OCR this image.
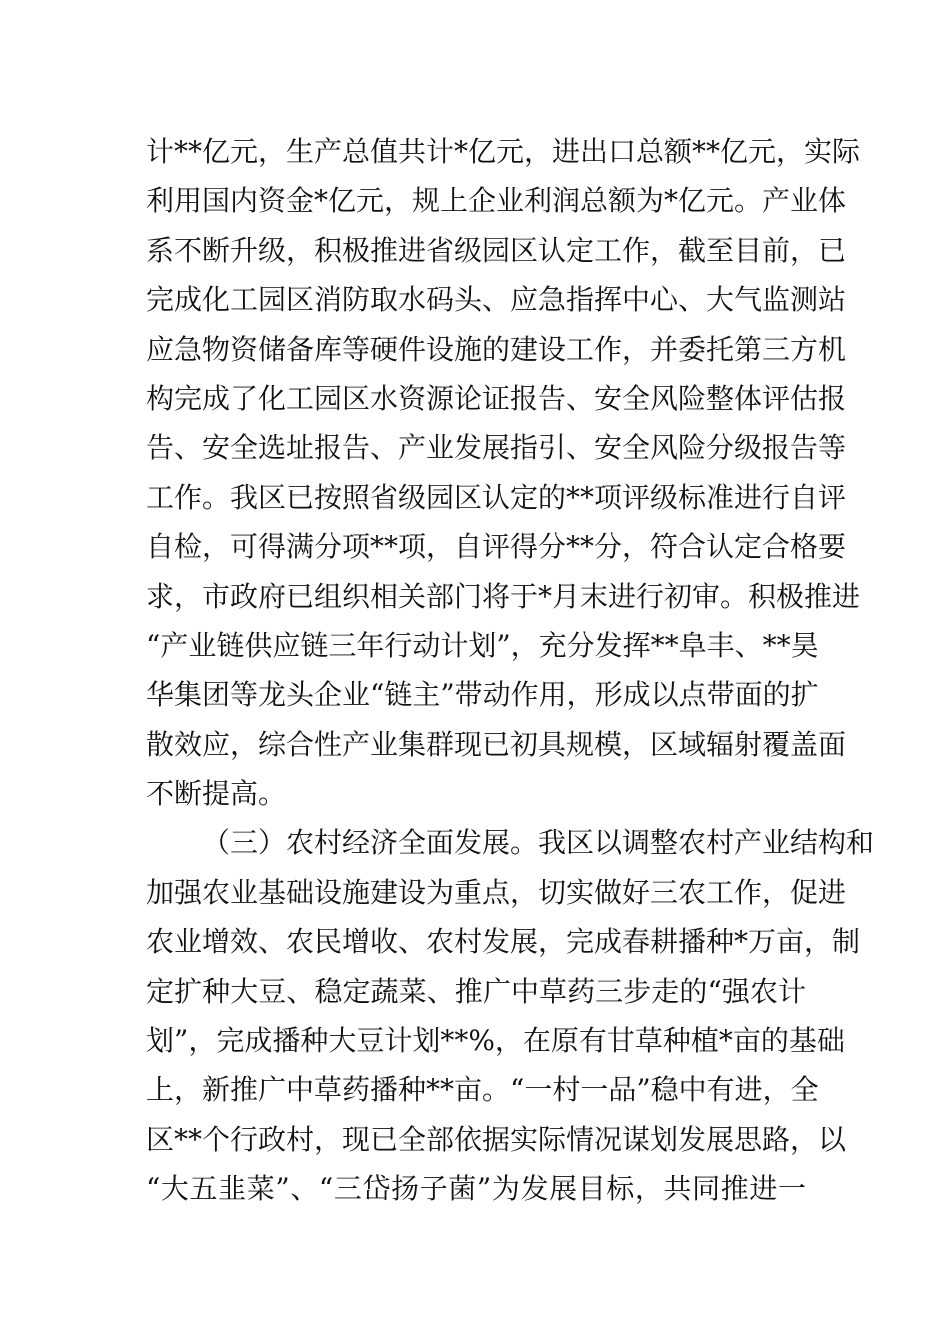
计**亿元，生产总值共计*亿元，进出口总额**亿元，实际
利用国内资金*亿元，规上企业利润总额为*亿元。产业体
系不断升级，积极推进省级园区认定工作，截至目前，已
完成化工园区消防取水码头、应急指挥中心、大气监测站
应急物资储备库等硬件设施的建设工作，并委托第三方机
构完成了化工园区水资源论证报告、安全风险整体评估报
告、安全选址报告、产业发展指引、安全风险分级报告等
工作。我区已按照省级园区认定的**项评级标准进行自评
自检，可得满分项**项，自评得分**分，符合认定合格要
求，市政府已组织相关部门将于*月末进行初审。积极推进
“产业链供应链三年行动计划”，充分发挥**阜丰、**昊
华集团等龙头企业“链主”带动作用，形成以点带面的扩
散效应，综合性产业集群现已初具规模，区域辐射覆盖面
不断提高。
（三）农村经济全面发展。我区以调整农村产业结构和
加强农业基础设施建设为重点，切实做好三农工作，促进
农业增效、农民增收、农村发展，完成春耕播种*万亩，制
定扩种大豆、稳定蔬菜、推广中草药三步走的“强农计
划”，完成播种大豆计划**%，在原有甘草种植*亩的基础
上，新推广中草药播种**亩。“一村一品”稳中有进，全
区**个行政村，现已全部依据实际情况谋划发展思路，以
“大五韭菜”、“三岱扬子菌”为发展目标，共同推进一
